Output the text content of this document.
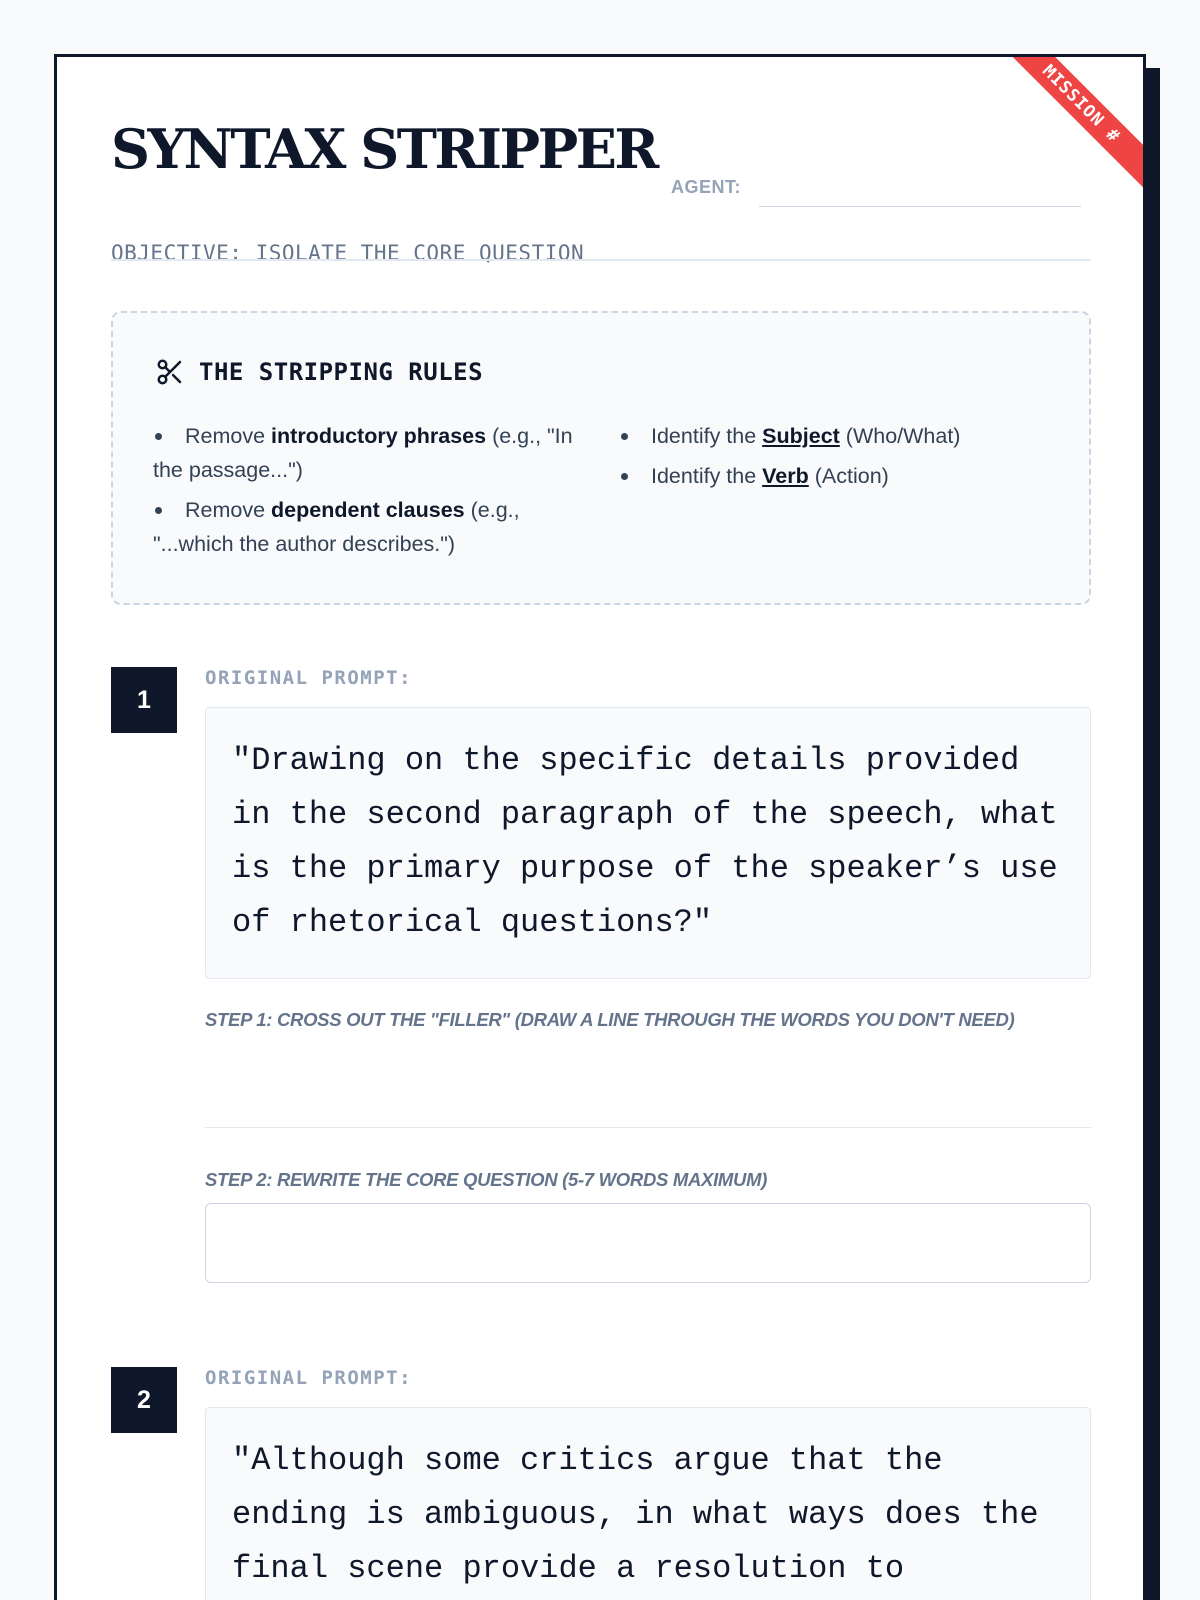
MISSION #
SYNTAX STRIPPER
AGENT:
OBJECTIVE: ISOLATE THE CORE QUESTION
THE STRIPPING RULES
Remove introductory phrases (e.g., "In the passage...")
Remove dependent clauses (e.g., "...which the author describes.")
Identify the Subject (Who/What)
Identify the Verb (Action)
1
ORIGINAL PROMPT:
"Drawing on the specific details provided in the second paragraph of the speech, what is the primary purpose of the speaker’s use of rhetorical questions?"
STEP 1: CROSS OUT THE "FILLER" (DRAW A LINE THROUGH THE WORDS YOU DON'T NEED)
STEP 2: REWRITE THE CORE QUESTION (5-7 WORDS MAXIMUM)
2
ORIGINAL PROMPT:
"Although some critics argue that the ending is ambiguous, in what ways does the final scene provide a resolution to
